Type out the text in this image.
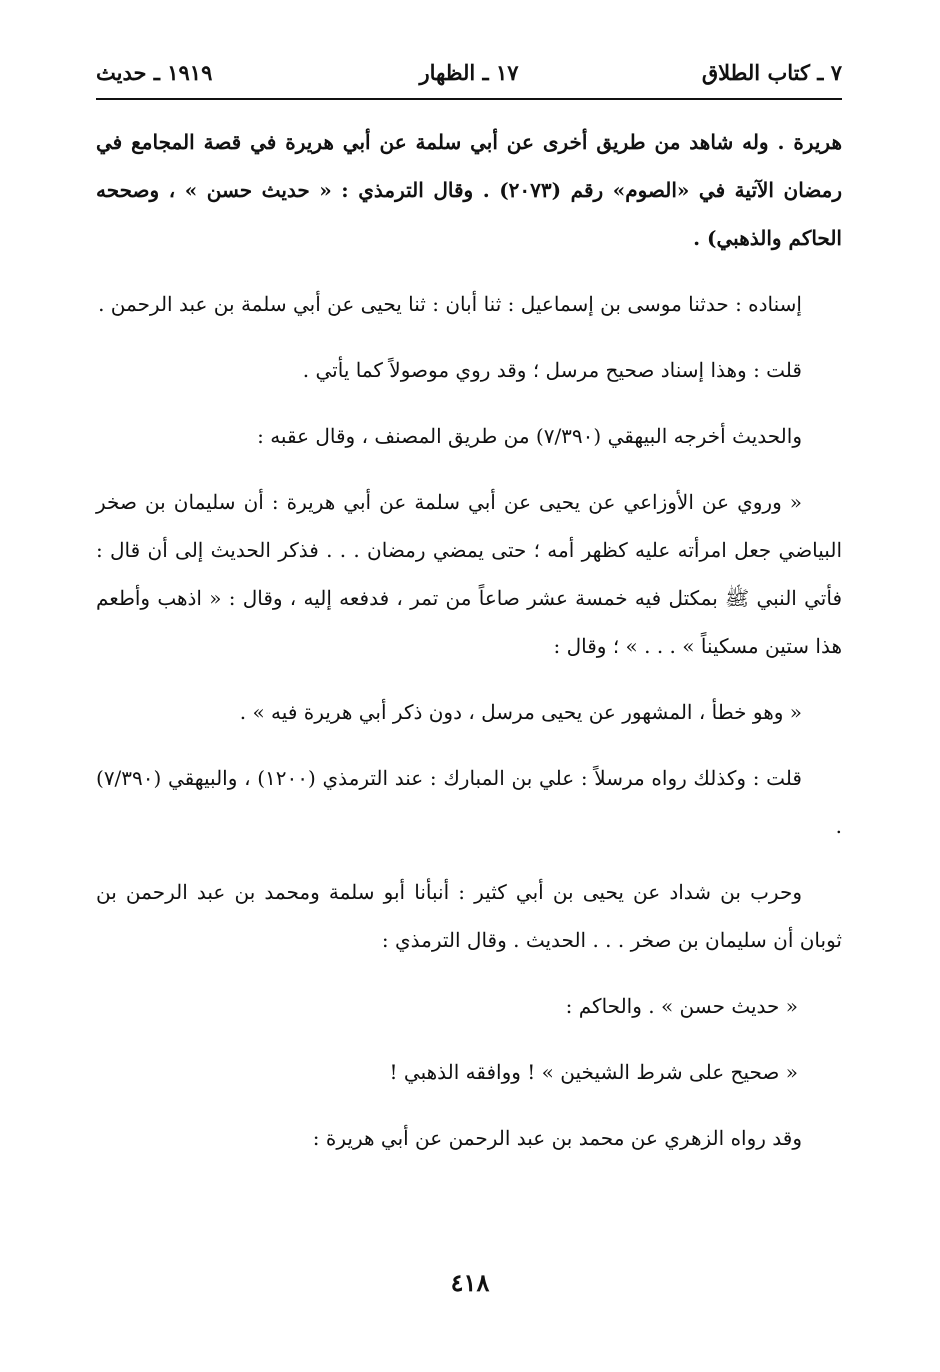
٧ ـ كتاب الطلاق
١٧ ـ الظهار
١٩١٩ ـ حديث

هريرة . وله شاهد من طريق أخرى عن أبي سلمة عن أبي هريرة في قصة المجامع في رمضان الآتية في «الصوم» رقم (٢٠٧٣) . وقال الترمذي : « حديث حسن » ، وصححه الحاكم والذهبي) .

إسناده : حدثنا موسى بن إسماعيل : ثنا أبان : ثنا يحيى عن أبي سلمة بن عبد الرحمن .

قلت : وهذا إسناد صحيح مرسل ؛ وقد روي موصولاً كما يأتي .

والحديث أخرجه البيهقي (٧/٣٩٠) من طريق المصنف ، وقال عقبه :

« وروي عن الأوزاعي عن يحيى عن أبي سلمة عن أبي هريرة : أن سليمان بن صخر البياضي جعل امرأته عليه كظهر أمه ؛ حتى يمضي رمضان . . . فذكر الحديث إلى أن قال : فأتي النبي ﷺ بمكتل فيه خمسة عشر صاعاً من تمر ، فدفعه إليه ، وقال : « اذهب وأطعم هذا ستين مسكيناً » . . . » ؛ وقال :

« وهو خطأ ، المشهور عن يحيى مرسل ، دون ذكر أبي هريرة فيه » .

قلت : وكذلك رواه مرسلاً : علي بن المبارك : عند الترمذي (١٢٠٠) ، والبيهقي (٧/٣٩٠) .

وحرب بن شداد عن يحيى بن أبي كثير : أنبأنا أبو سلمة ومحمد بن عبد الرحمن بن ثوبان أن سليمان بن صخر . . . الحديث . وقال الترمذي :

« حديث حسن » . والحاكم :

« صحيح على شرط الشيخين » ! ووافقه الذهبي !

وقد رواه الزهري عن محمد بن عبد الرحمن عن أبي هريرة :

٤١٨
